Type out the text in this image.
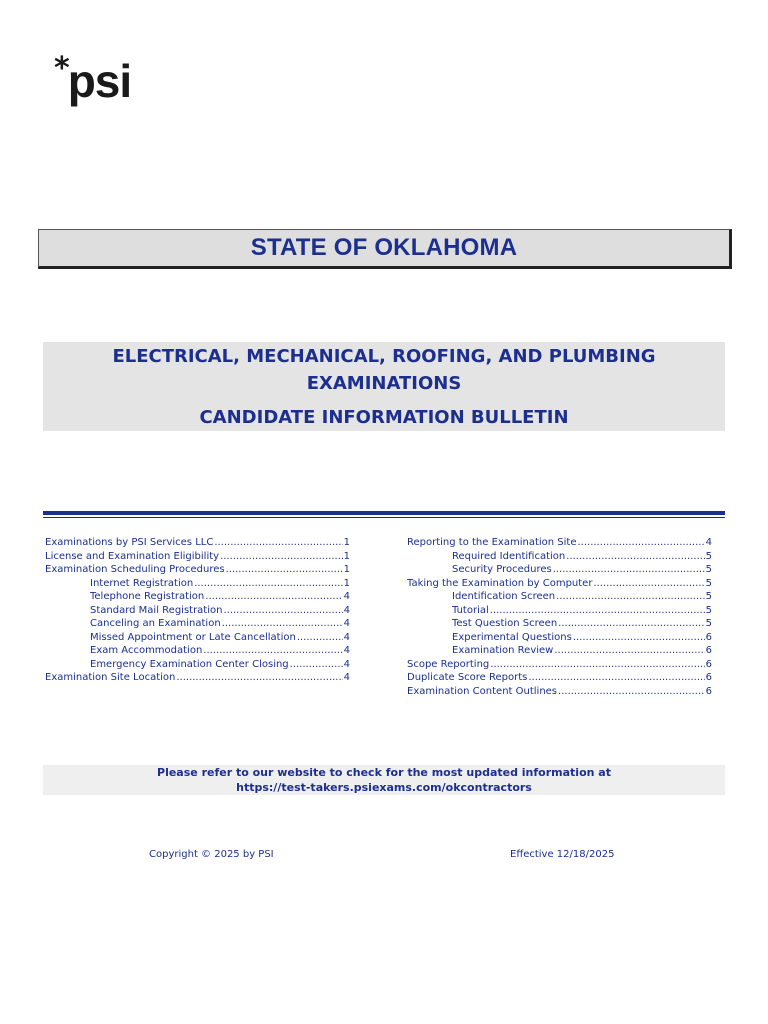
*
psi
STATE OF OKLAHOMA
ELECTRICAL, MECHANICAL, ROOFING, AND PLUMBING
EXAMINATIONS
CANDIDATE INFORMATION BULLETIN
Examinations by PSI Services LLC .....	1
License and Examination Eligibility .....	1
Examination Scheduling Procedures .....	1
Internet Registration .....	1
Telephone Registration .....	4
Standard Mail Registration .....	4
Canceling an Examination .....	4
Missed Appointment or Late Cancellation .....	4
Exam Accommodation .....	4
Emergency Examination Center Closing .....	4
Examination Site Location .....	4
Reporting to the Examination Site .....	4
Required Identification .....	5
Security Procedures .....	5
Taking the Examination by Computer .....	5
Identification Screen .....	5
Tutorial .....	5
Test Question Screen .....	5
Experimental Questions .....	6
Examination Review .....	6
Scope Reporting .....	6
Duplicate Score Reports .....	6
Examination Content Outlines .....	6
Please refer to our website to check for the most updated information at
https://test-takers.psiexams.com/okcontractors
Copyright © 2025 by PSI	Effective 12/18/2025
